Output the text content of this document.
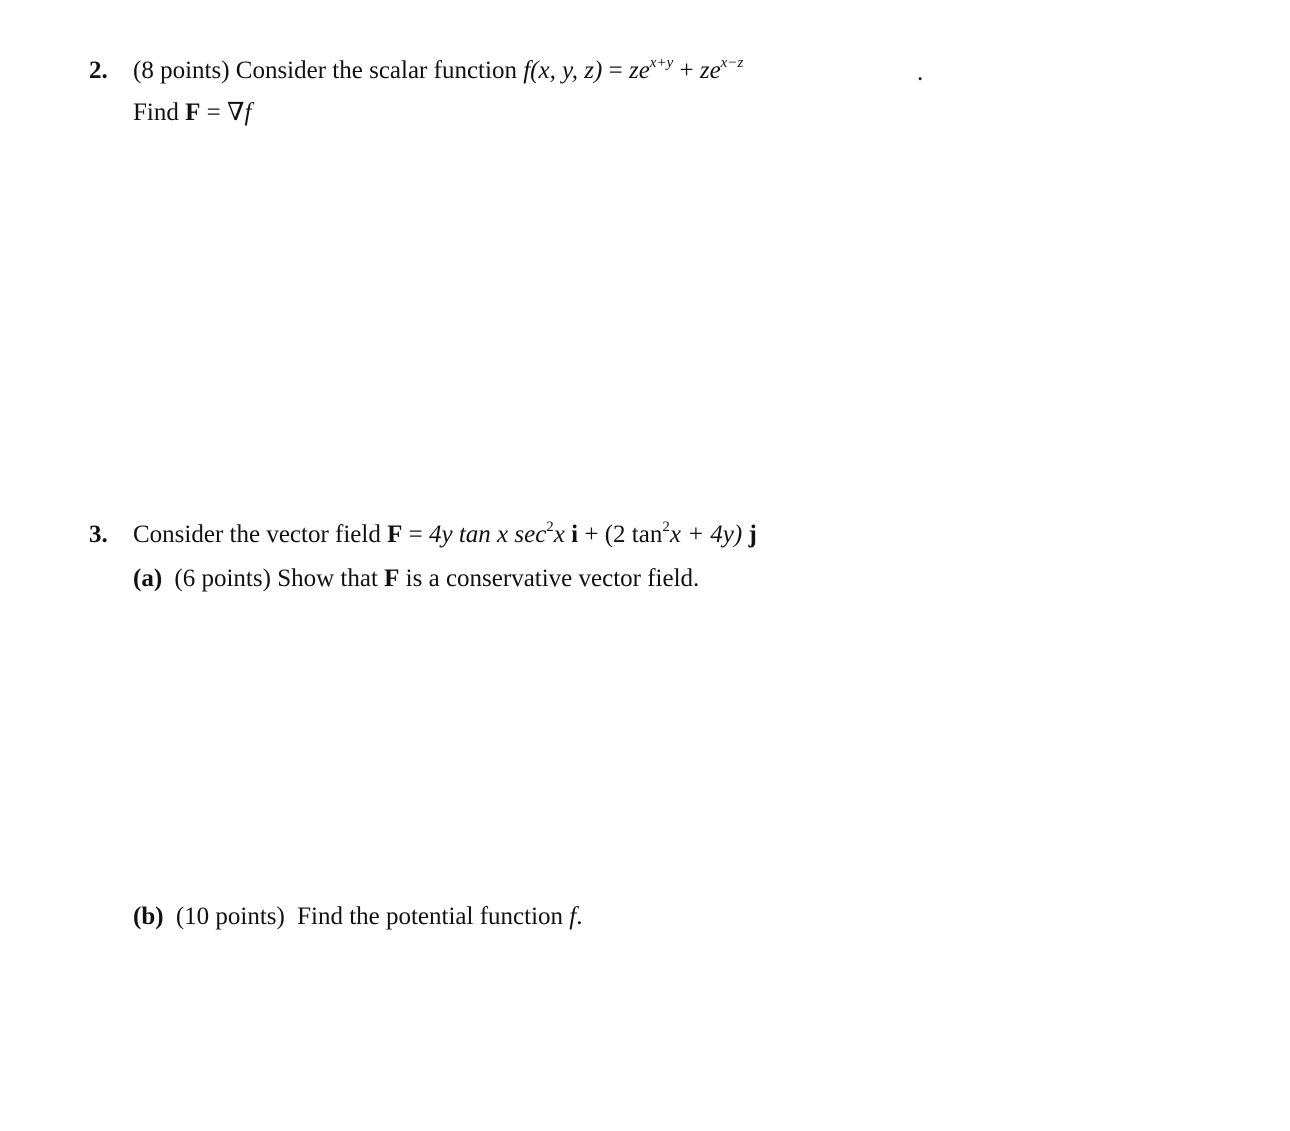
2. (8 points) Consider the scalar function f(x, y, $z) = ze^{x+y} + ze^{x-z}$	.
Find F = ∇f
3. Consider the vector field F = 4y tan x $\sec^2x$ i + (2 $\tan^2x + 4y$) j
(a) (6 points) Show that F is a conservative vector field.
(b) (10 points) Find the potential function f.
